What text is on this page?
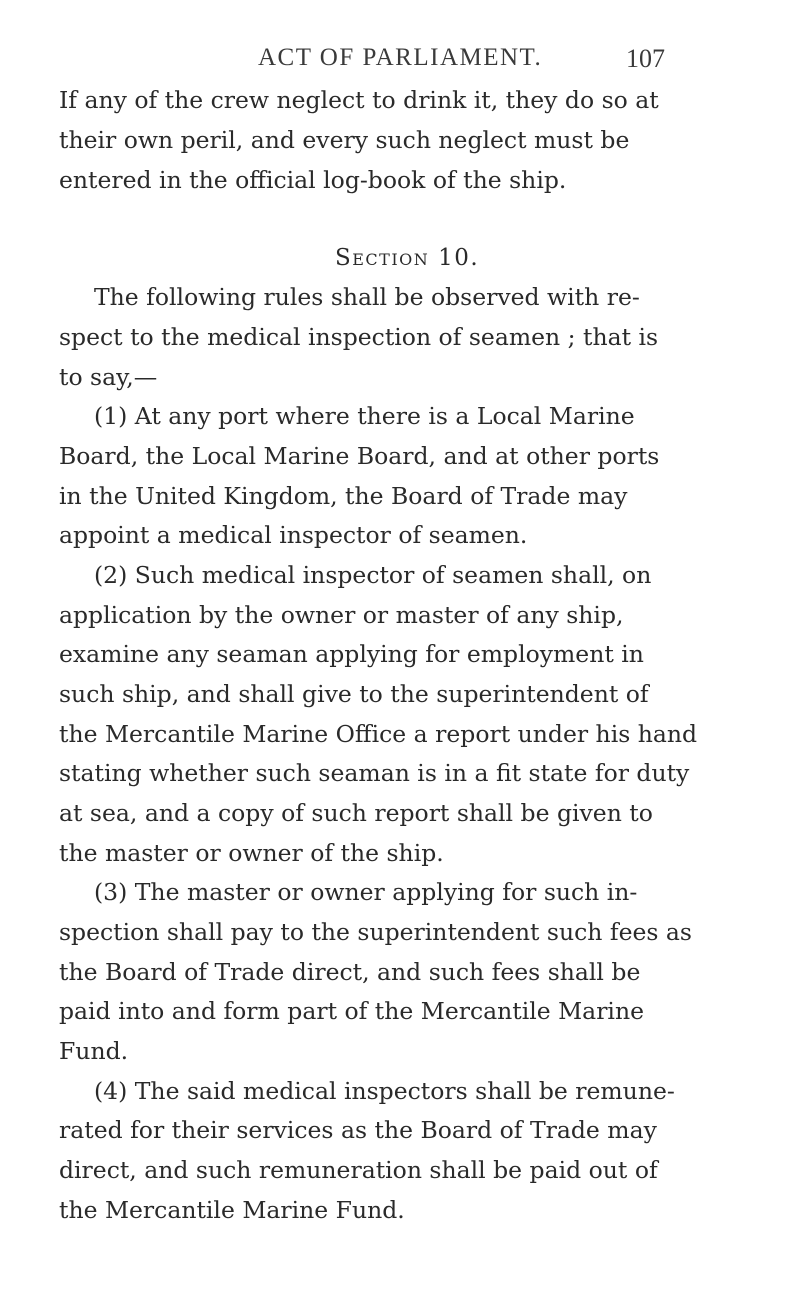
ACT OF PARLIAMENT.	107
If any of the crew neglect to drink it, they do so at
their own peril, and every such neglect must be
entered in the official log-book of the ship.
Section 10.
The following rules shall be observed with re-
spect to the medical inspection of seamen ; that is
to say,—
(1) At any port where there is a Local Marine
Board, the Local Marine Board, and at other ports
in the United Kingdom, the Board of Trade may
appoint a medical inspector of seamen.
(2) Such medical inspector of seamen shall, on
application by the owner or master of any ship,
examine any seaman applying for employment in
such ship, and shall give to the superintendent of
the Mercantile Marine Office a report under his hand
stating whether such seaman is in a fit state for duty
at sea, and a copy of such report shall be given to
the master or owner of the ship.
(3) The master or owner applying for such in-
spection shall pay to the superintendent such fees as
the Board of Trade direct, and such fees shall be
paid into and form part of the Mercantile Marine
Fund.
(4) The said medical inspectors shall be remune-
rated for their services as the Board of Trade may
direct, and such remuneration shall be paid out of
the Mercantile Marine Fund.
